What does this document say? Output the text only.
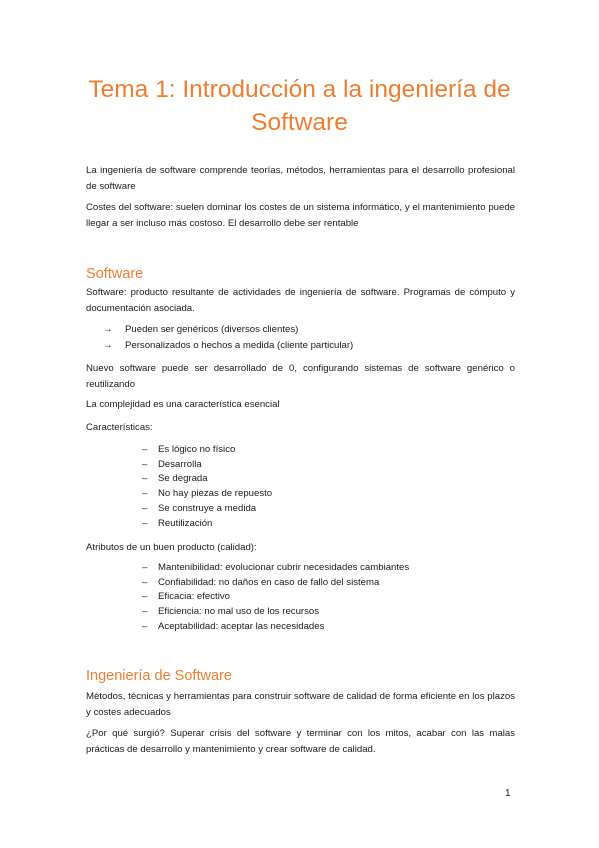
Tema 1: Introducción a la ingeniería de Software
La ingeniería de software comprende teorías, métodos, herramientas para el desarrollo profesional de software
Costes del software: suelen dominar los costes de un sistema informático, y el mantenimiento puede llegar a ser incluso más costoso. El desarrollo debe ser rentable
Software
Software: producto resultante de actividades de ingeniería de software. Programas de cómputo y documentación asociada.
→	Pueden ser genéricos (diversos clientes)
→	Personalizados o hechos a medida (cliente particular)
Nuevo software puede ser desarrollado de 0, configurando sistemas de software genérico o reutilizando
La complejidad es una característica esencial
Características:
– Es lógico no físico
– Desarrolla
– Se degrada
– No hay piezas de repuesto
– Se construye a medida
– Reutilización
Atributos de un buen producto (calidad):
– Mantenibilidad: evolucionar cubrir necesidades cambiantes
– Confiabilidad: no daños en caso de fallo del sistema
– Eficacia: efectivo
– Eficiencia: no mal uso de los recursos
– Aceptabilidad: aceptar las necesidades
Ingeniería de Software
Métodos, técnicas y herramientas para construir software de calidad de forma eficiente en los plazos y costes adecuados
¿Por qué surgió? Superar crisis del software y terminar con los mitos, acabar con las malas prácticas de desarrollo y mantenimiento y crear software de calidad.
1
